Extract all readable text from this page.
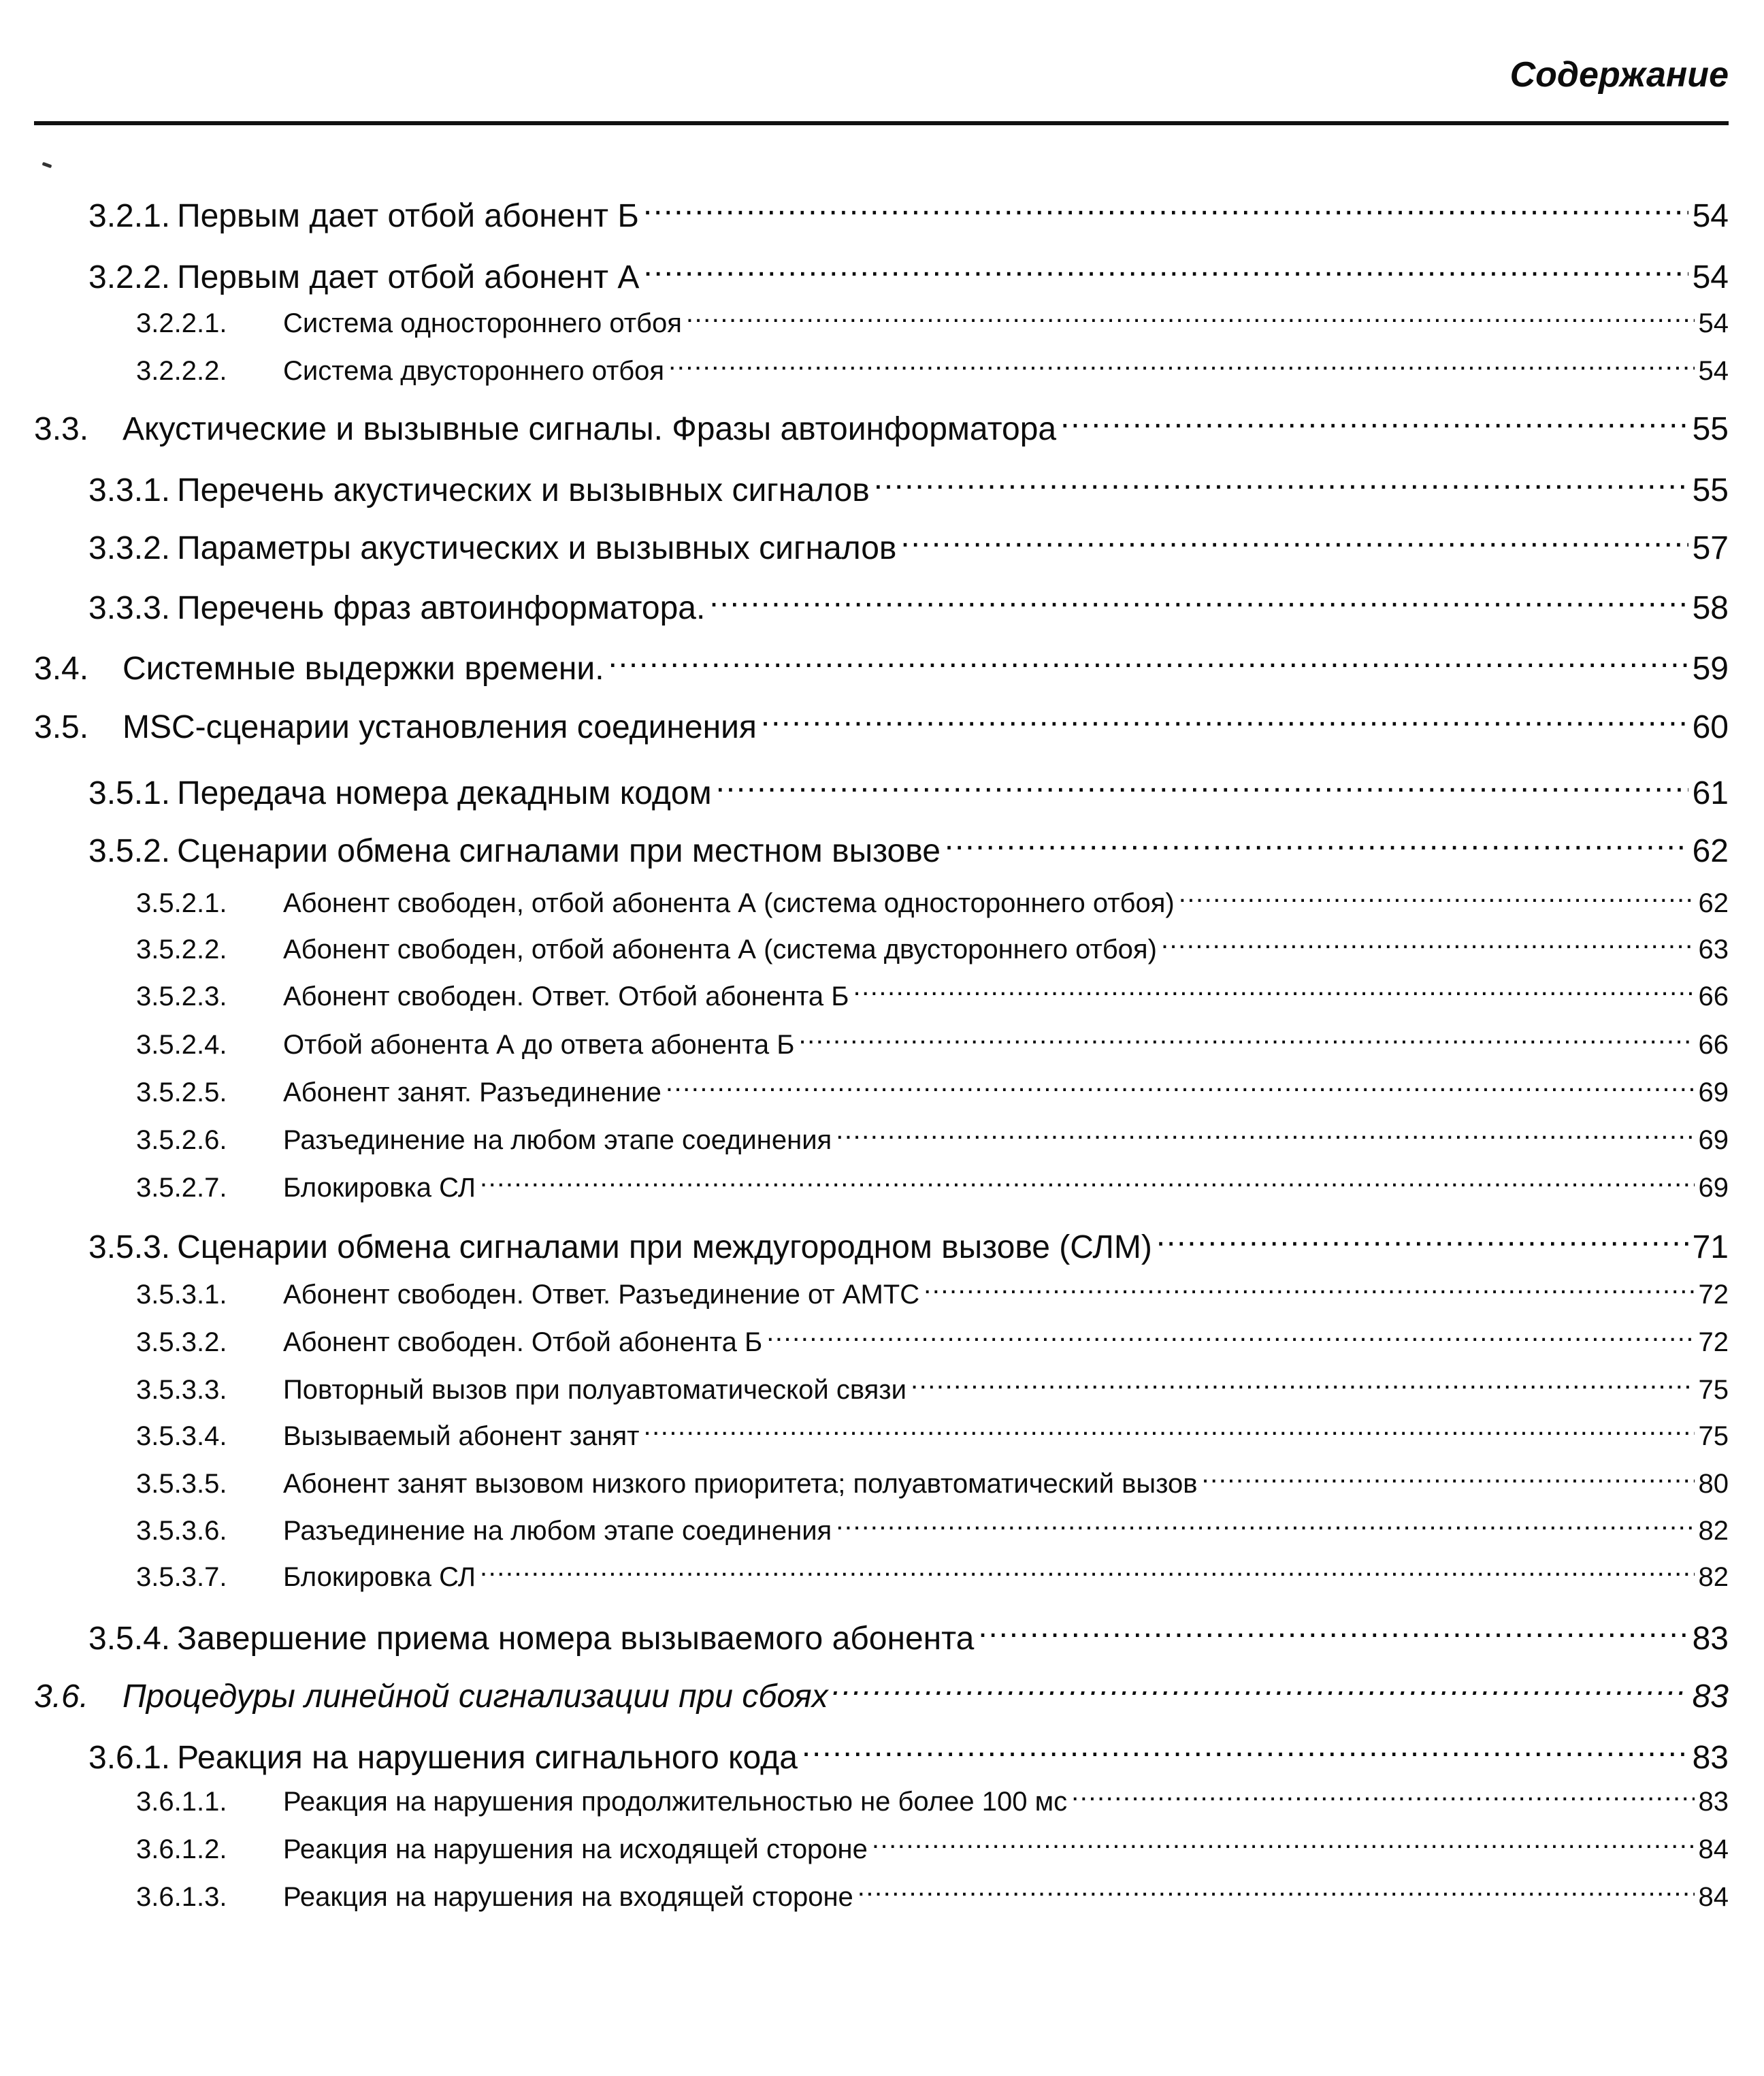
Содержание
3.2.1. Первым дает отбой абонент Б . . .	54
3.2.2. Первым дает отбой абонент А . . .	54
3.2.2.1.	Система одностороннего отбоя . . .	54
3.2.2.2.	Система двустороннего отбоя . . .	54
3.3.	Акустические и вызывные сигналы. Фразы автоинформатора . . .	55
3.3.1. Перечень акустических и вызывных сигналов . . .	55
3.3.2. Параметры акустических и вызывных сигналов . . .	57
3.3.3. Перечень фраз автоинформатора. . . .	58
3.4.	Системные выдержки времени. . . .	59
3.5.	MSC-сценарии установления соединения . . .	60
3.5.1. Передача номера декадным кодом . . .	61
3.5.2. Сценарии обмена сигналами при местном вызове . . .	62
3.5.2.1.	Абонент свободен, отбой абонента А (система одностороннего отбоя) . . .	62
3.5.2.2.	Абонент свободен, отбой абонента А (система двустороннего отбоя) . . .	63
3.5.2.3.	Абонент свободен. Ответ. Отбой абонента Б . . .	66
3.5.2.4.	Отбой абонента А до ответа абонента Б . . .	66
3.5.2.5.	Абонент занят. Разъединение . . .	69
3.5.2.6.	Разъединение на любом этапе соединения . . .	69
3.5.2.7.	Блокировка СЛ . . .	69
3.5.3. Сценарии обмена сигналами при междугородном вызове (СЛМ) . . .	71
3.5.3.1.	Абонент свободен. Ответ. Разъединение от АМТС . . .	72
3.5.3.2.	Абонент свободен. Отбой абонента Б . . .	72
3.5.3.3.	Повторный вызов при полуавтоматической связи . . .	75
3.5.3.4.	Вызываемый абонент занят . . .	75
3.5.3.5.	Абонент занят вызовом низкого приоритета; полуавтоматический вызов . . .	80
3.5.3.6.	Разъединение на любом этапе соединения . . .	82
3.5.3.7.	Блокировка СЛ . . .	82
3.5.4. Завершение приема номера вызываемого абонента . . .	83
3.6.	Процедуры линейной сигнализации при сбоях . . .	83
3.6.1. Реакция на нарушения сигнального кода . . .	83
3.6.1.1.	Реакция на нарушения продолжительностью не более 100 мс . . .	83
3.6.1.2.	Реакция на нарушения на исходящей стороне . . .	84
3.6.1.3.	Реакция на нарушения на входящей стороне . . .	84
